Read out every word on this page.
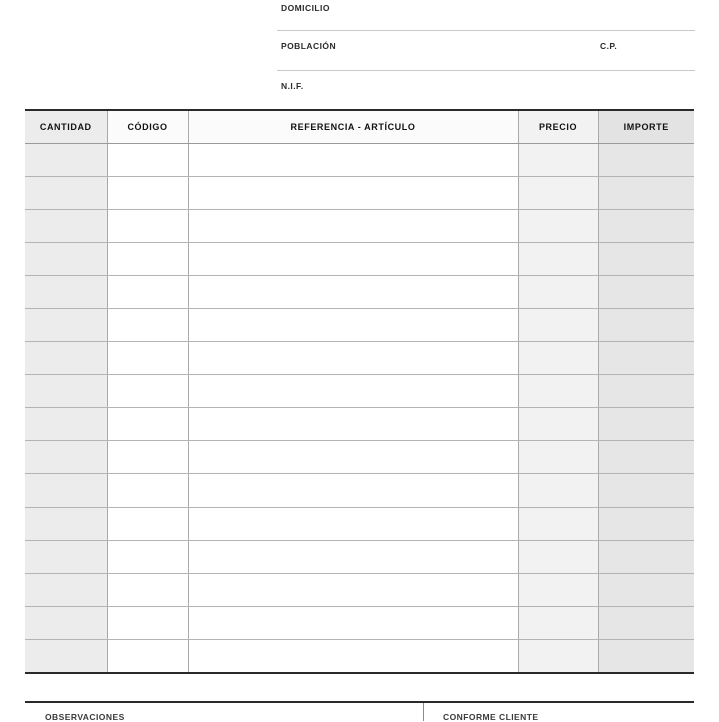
DOMICILIO
POBLACIÓN	C.P.
N.I.F.
CANTIDAD	CÓDIGO	REFERENCIA - ARTÍCULO	PRECIO	IMPORTE

OBSERVACIONES	CONFORME CLIENTE
